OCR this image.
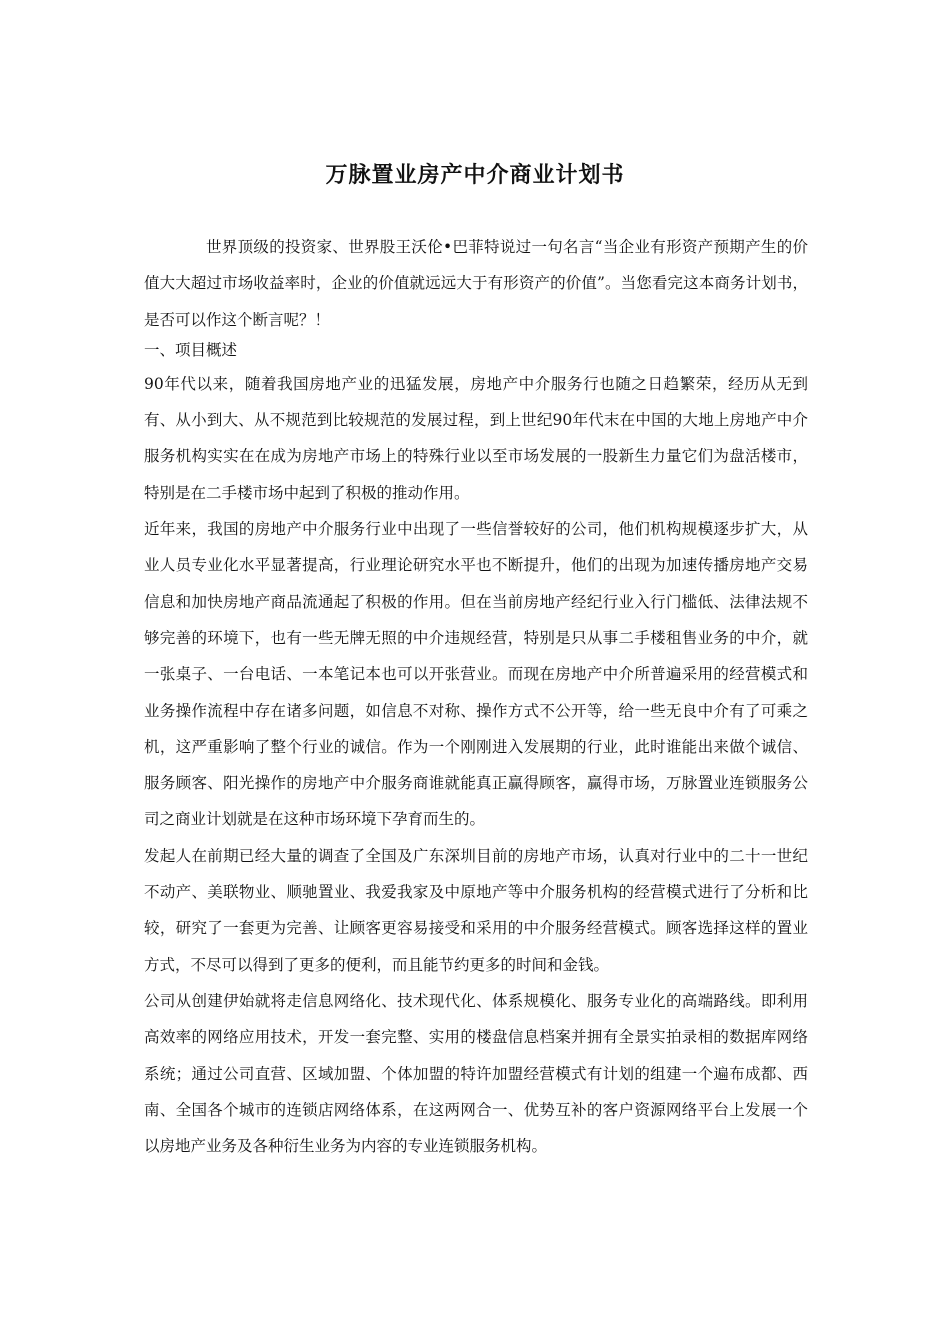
万脉置业房产中介商业计划书

世界顶级的投资家、世界股王沃伦•巴菲特说过一句名言“当企业有形资产预期产生的价值大大超过市场收益率时，企业的价值就远远大于有形资产的价值”。当您看完这本商务计划书，是否可以作这个断言呢？！

一、项目概述

90年代以来，随着我国房地产业的迅猛发展，房地产中介服务行也随之日趋繁荣，经历从无到有、从小到大、从不规范到比较规范的发展过程，到上世纪90年代末在中国的大地上房地产中介服务机构实实在在成为房地产市场上的特殊行业以至市场发展的一股新生力量它们为盘活楼市，特别是在二手楼市场中起到了积极的推动作用。

近年来，我国的房地产中介服务行业中出现了一些信誉较好的公司，他们机构规模逐步扩大，从业人员专业化水平显著提高，行业理论研究水平也不断提升，他们的出现为加速传播房地产交易信息和加快房地产商品流通起了积极的作用。但在当前房地产经纪行业入行门槛低、法律法规不够完善的环境下，也有一些无牌无照的中介违规经营，特别是只从事二手楼租售业务的中介，就一张桌子、一台电话、一本笔记本也可以开张营业。而现在房地产中介所普遍采用的经营模式和业务操作流程中存在诸多问题，如信息不对称、操作方式不公开等，给一些无良中介有了可乘之机，这严重影响了整个行业的诚信。作为一个刚刚进入发展期的行业，此时谁能出来做个诚信、服务顾客、阳光操作的房地产中介服务商谁就能真正赢得顾客，赢得市场，万脉置业连锁服务公司之商业计划就是在这种市场环境下孕育而生的。

发起人在前期已经大量的调查了全国及广东深圳目前的房地产市场，认真对行业中的二十一世纪不动产、美联物业、顺驰置业、我爱我家及中原地产等中介服务机构的经营模式进行了分析和比较，研究了一套更为完善、让顾客更容易接受和采用的中介服务经营模式。顾客选择这样的置业方式，不尽可以得到了更多的便利，而且能节约更多的时间和金钱。

公司从创建伊始就将走信息网络化、技术现代化、体系规模化、服务专业化的高端路线。即利用高效率的网络应用技术，开发一套完整、实用的楼盘信息档案并拥有全景实拍录相的数据库网络系统；通过公司直营、区域加盟、个体加盟的特许加盟经营模式有计划的组建一个遍布成都、西南、全国各个城市的连锁店网络体系，在这两网合一、优势互补的客户资源网络平台上发展一个以房地产业务及各种衍生业务为内容的专业连锁服务机构。
